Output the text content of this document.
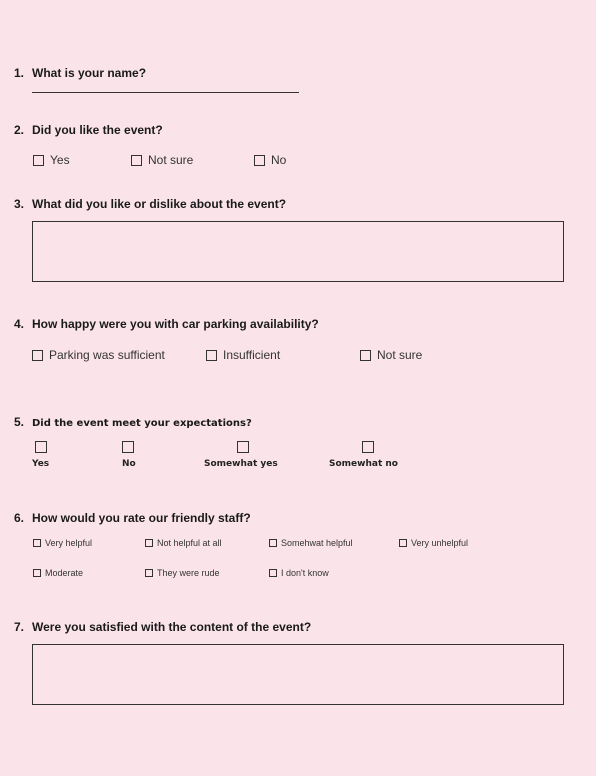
1. What is your name?
2. Did you like the event?
Yes	Not sure	No
3. What did you like or dislike about the event?
4. How happy were you with car parking availability?
Parking was sufficient	Insufficient	Not sure
5. Did the event meet your expectations?
Yes	No	Somewhat yes	Somewhat no
6. How would you rate our friendly staff?
Very helpful	Not helpful at all	Somehwat helpful	Very unhelpful
Moderate	They were rude	I don't know
7. Were you satisfied with the content of the event?
